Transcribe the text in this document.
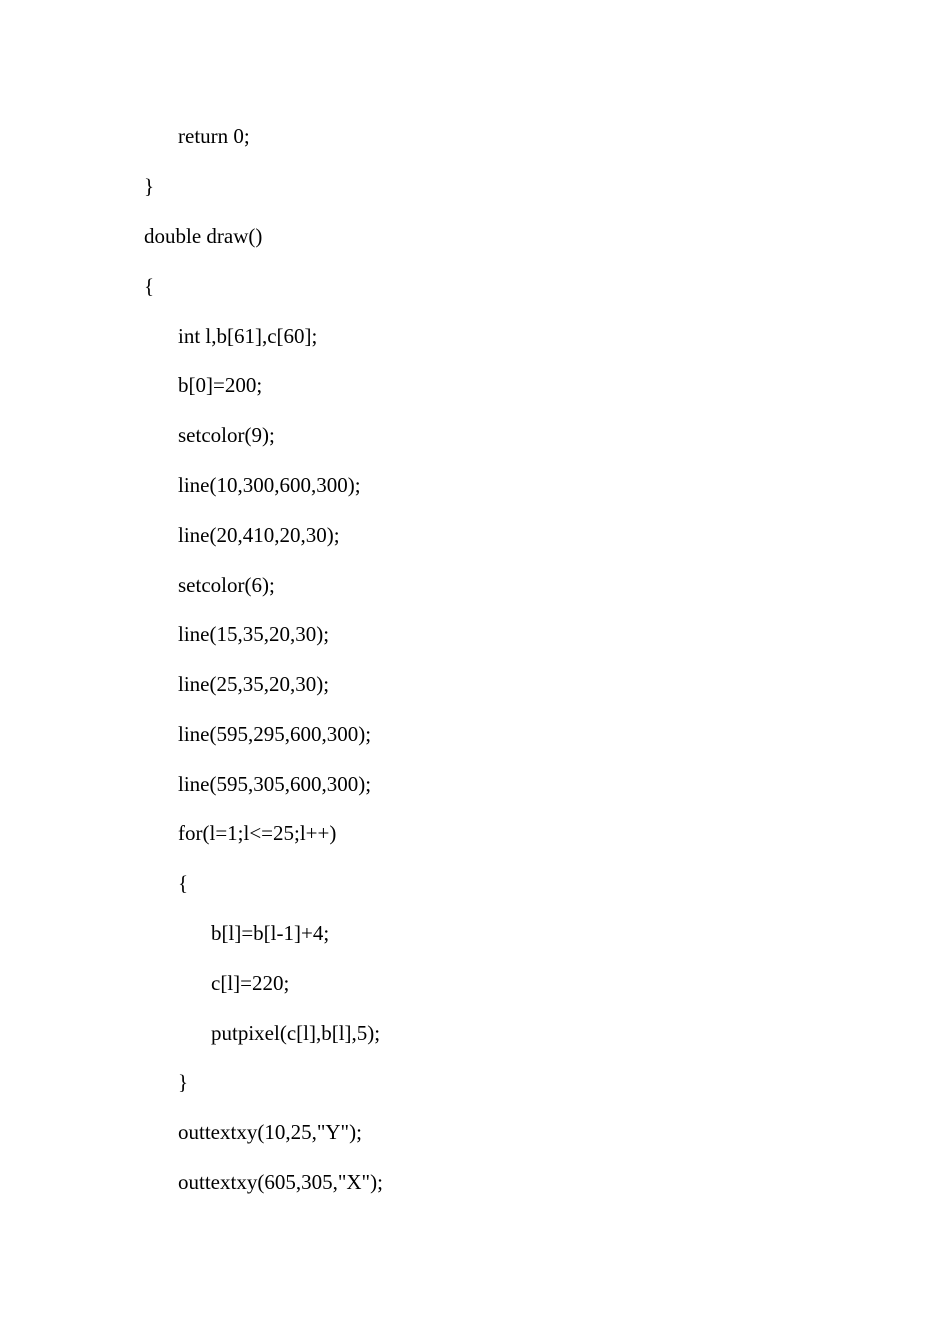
return 0;
}
double draw()
{
int l,b[61],c[60];
b[0]=200;
setcolor(9);
line(10,300,600,300);
line(20,410,20,30);
setcolor(6);
line(15,35,20,30);
line(25,35,20,30);
line(595,295,600,300);
line(595,305,600,300);
for(l=1;l<=25;l++)
{
b[l]=b[l-1]+4;
c[l]=220;
putpixel(c[l],b[l],5);
}
outtextxy(10,25,"Y");
outtextxy(605,305,"X");
